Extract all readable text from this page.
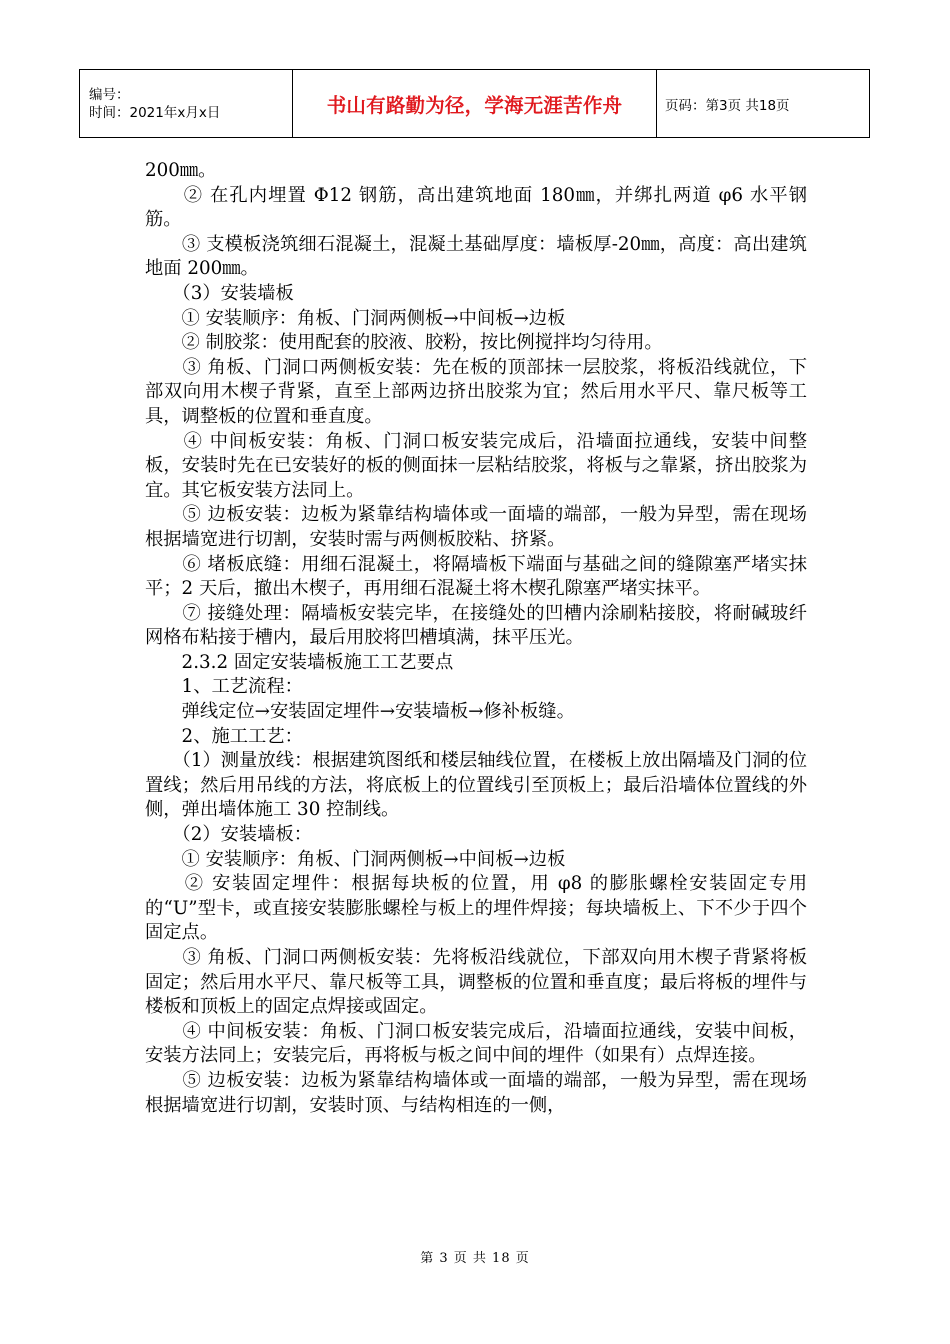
编号：
时间：2021年x月x日	书山有路勤为径，学海无涯苦作舟	页码：第3页 共18页

200㎜。

　　② 在孔内埋置 Φ12 钢筋，高出建筑地面 180㎜，并绑扎两道 φ6 水平钢筋。

　　③ 支模板浇筑细石混凝土，混凝土基础厚度：墙板厚-20㎜，高度：高出建筑地面 200㎜。

　　（3）安装墙板

　　① 安装顺序：角板、门洞两侧板→中间板→边板

　　② 制胶浆：使用配套的胶液、胶粉，按比例搅拌均匀待用。

　　③ 角板、门洞口两侧板安装：先在板的顶部抹一层胶浆，将板沿线就位，下部双向用木楔子背紧，直至上部两边挤出胶浆为宜；然后用水平尺、靠尺板等工具，调整板的位置和垂直度。

　　④ 中间板安装：角板、门洞口板安装完成后，沿墙面拉通线，安装中间整板，安装时先在已安装好的板的侧面抹一层粘结胶浆，将板与之靠紧，挤出胶浆为宜。其它板安装方法同上。

　　⑤ 边板安装：边板为紧靠结构墙体或一面墙的端部，一般为异型，需在现场根据墙宽进行切割，安装时需与两侧板胶粘、挤紧。

　　⑥ 堵板底缝：用细石混凝土，将隔墙板下端面与基础之间的缝隙塞严堵实抹平；2 天后，撤出木楔子，再用细石混凝土将木楔孔隙塞严堵实抹平。

　　⑦ 接缝处理：隔墙板安装完毕，在接缝处的凹槽内涂刷粘接胶，将耐碱玻纤网格布粘接于槽内，最后用胶将凹槽填满，抹平压光。

　　2.3.2 固定安装墙板施工工艺要点

　　1、工艺流程：

　　弹线定位→安装固定埋件→安装墙板→修补板缝。

　　2、施工工艺：

　　（1）测量放线：根据建筑图纸和楼层轴线位置，在楼板上放出隔墙及门洞的位置线；然后用吊线的方法，将底板上的位置线引至顶板上；最后沿墙体位置线的外侧，弹出墙体施工 30 控制线。

　　（2）安装墙板：

　　① 安装顺序：角板、门洞两侧板→中间板→边板

　　② 安装固定埋件：根据每块板的位置，用 φ8 的膨胀螺栓安装固定专用的“U”型卡，或直接安装膨胀螺栓与板上的埋件焊接；每块墙板上、下不少于四个固定点。

　　③ 角板、门洞口两侧板安装：先将板沿线就位，下部双向用木楔子背紧将板固定；然后用水平尺、靠尺板等工具，调整板的位置和垂直度；最后将板的埋件与楼板和顶板上的固定点焊接或固定。

　　④ 中间板安装：角板、门洞口板安装完成后，沿墙面拉通线，安装中间板，安装方法同上；安装完后，再将板与板之间中间的埋件（如果有）点焊连接。

　　⑤ 边板安装：边板为紧靠结构墙体或一面墙的端部，一般为异型，需在现场根据墙宽进行切割，安装时顶、与结构相连的一侧，

第 3 页 共 18 页
